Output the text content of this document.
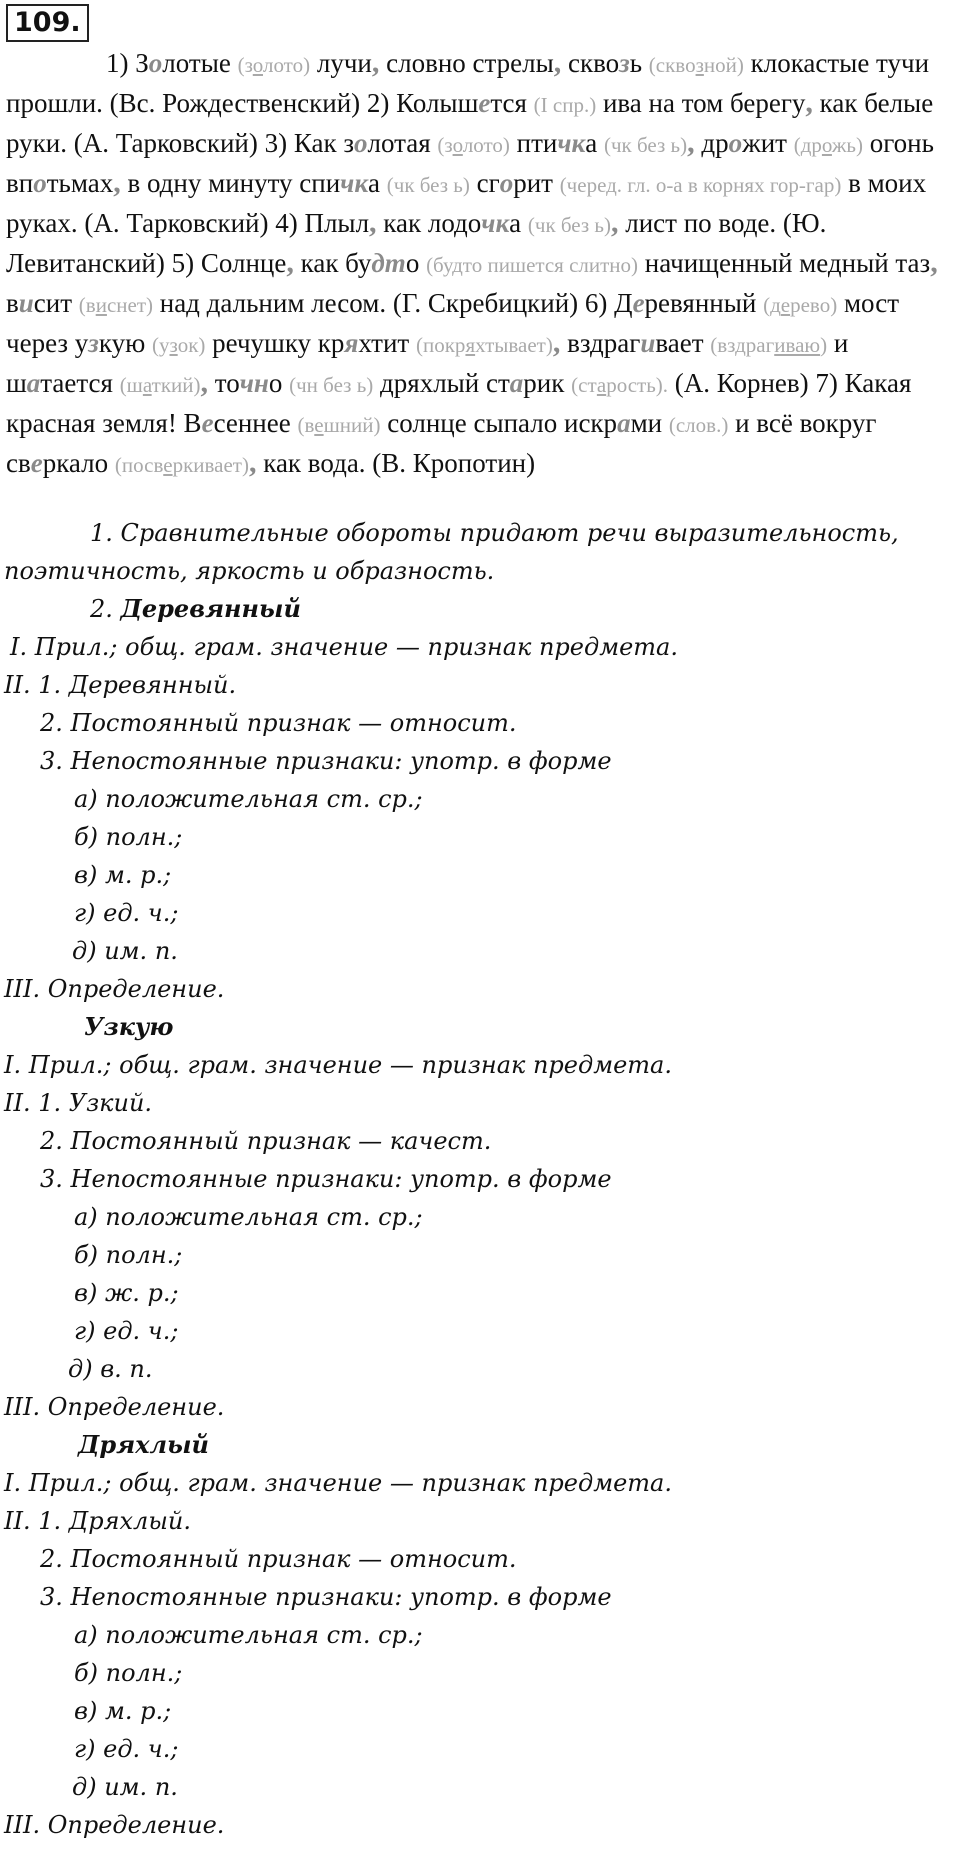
109.

1) Золотые (золото) лучи, словно стрелы, сквозь (сквозной) клокастые тучи прошли. (Вс. Рождественский) 2) Колышется (I спр.) ива на том берегу, как белые руки. (А. Тарковский) 3) Как золотая (золото) птичка (чк без ь), дрожит (дрожь) огонь впотьмах, в одну минуту спичка (чк без ь) сгорит (черед. гл. о-а в корнях гор-гар) в моих руках. (А. Тарковский) 4) Плыл, как лодочка (чк без ь), лист по воде. (Ю. Левитанский) 5) Солнце, как будто (будто пишется слитно) начищенный медный таз, висит (виснет) над дальним лесом. (Г. Скребицкий) 6) Деревянный (дерево) мост через узкую (узок) речушку кряхтит (покряхтывает), вздрагивает (вздрагиваю) и шатается (шаткий), точно (чн без ь) дряхлый старик (старость). (А. Корнев) 7) Какая красная земля! Весеннее (вешний) солнце сыпало искрами (слов.) и всё вокруг сверкало (посверкивает), как вода. (В. Кропотин)

1. Сравнительные обороты придают речи выразительность,
поэтичность, яркость и образность.
2. Деревянный
I. Прил.; общ. грам. значение — признак предмета.
II. 1. Деревянный.
2. Постоянный признак — относит.
3. Непостоянные признаки: употр. в форме
а) положительная ст. ср.;
б) полн.;
в) м. р.;
г) ед. ч.;
д) им. п.
III. Определение.
Узкую
I. Прил.; общ. грам. значение — признак предмета.
II. 1. Узкий.
2. Постоянный признак — качест.
3. Непостоянные признаки: употр. в форме
а) положительная ст. ср.;
б) полн.;
в) ж. р.;
г) ед. ч.;
д) в. п.
III. Определение.
Дряхлый
I. Прил.; общ. грам. значение — признак предмета.
II. 1. Дряхлый.
2. Постоянный признак — относит.
3. Непостоянные признаки: употр. в форме
а) положительная ст. ср.;
б) полн.;
в) м. р.;
г) ед. ч.;
д) им. п.
III. Определение.
